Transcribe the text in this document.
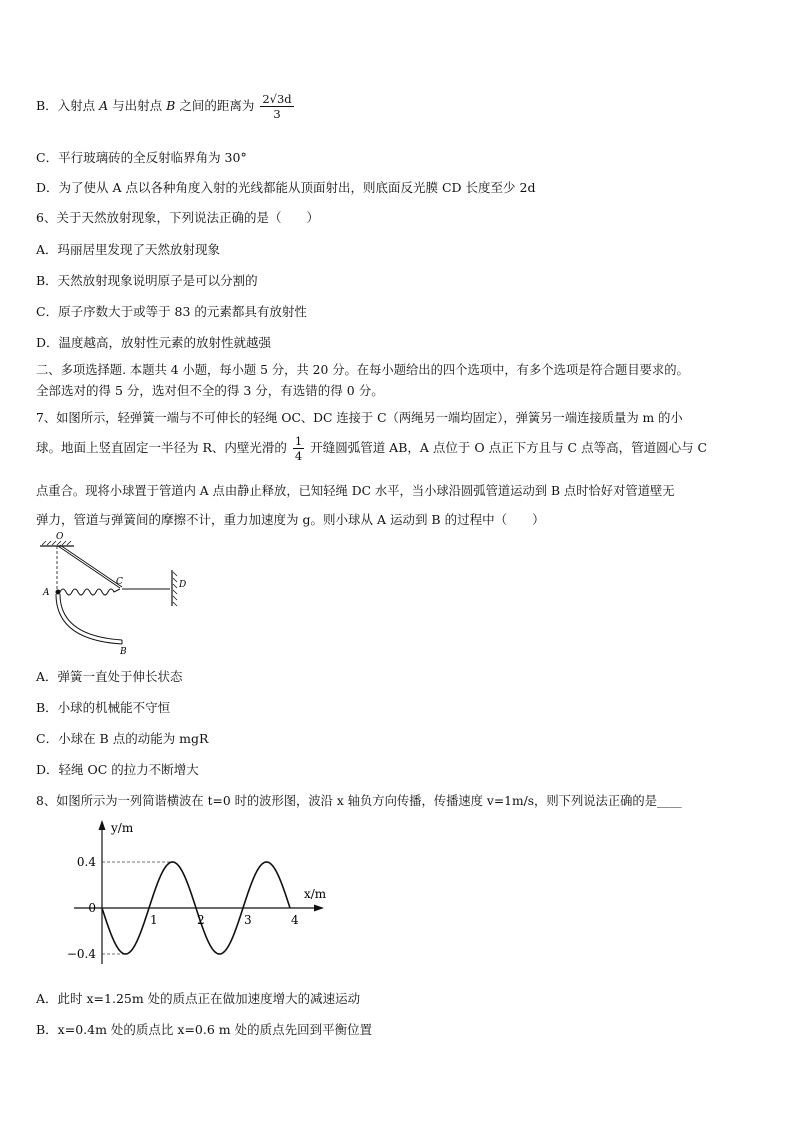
B．入射点 A 与出射点 B 之间的距离为 $\frac{2√3d}{3}$
C．平行玻璃砖的全反射临界角为 30°
D．为了使从 A 点以各种角度入射的光线都能从顶面射出，则底面反光膜 CD 长度至少 2d
6、关于天然放射现象，下列说法正确的是（　　）
A．玛丽居里发现了天然放射现象
B．天然放射现象说明原子是可以分割的
C．原子序数大于或等于 83 的元素都具有放射性
D．温度越高，放射性元素的放射性就越强
二、多项选择题. 本题共 4 小题，每小题 5 分，共 20 分。在每小题给出的四个选项中，有多个选项是符合题目要求的。
全部选对的得 5 分，选对但不全的得 3 分，有选错的得 0 分。
7、如图所示，轻弹簧一端与不可伸长的轻绳 OC、DC 连接于 C（两绳另一端均固定），弹簧另一端连接质量为 m 的小
球。地面上竖直固定一半径为 R、内壁光滑的 $\frac{1}{4}$ 开缝圆弧管道 AB，A 点位于 O 点正下方且与 C 点等高，管道圆心与 C
点重合。现将小球置于管道内 A 点由静止释放，已知轻绳 DC 水平，当小球沿圆弧管道运动到 B 点时恰好对管道壁无
弹力，管道与弹簧间的摩擦不计，重力加速度为 g。则小球从 A 运动到 B 的过程中（　　）
O
A
C	D
B
A．弹簧一直处于伸长状态
B．小球的机械能不守恒
C．小球在 B 点的动能为 mgR
D．轻绳 OC 的拉力不断增大
8、如图所示为一列简谐横波在 t=0 时的波形图，波沿 x 轴负方向传播，传播速度 v=1m/s，则下列说法正确的是____
1	2	3	4
0.4
0
−0.4
y/m
x/m
A．此时 x=1.25m 处的质点正在做加速度增大的减速运动
B．x=0.4m 处的质点比 x=0.6 m 处的质点先回到平衡位置
